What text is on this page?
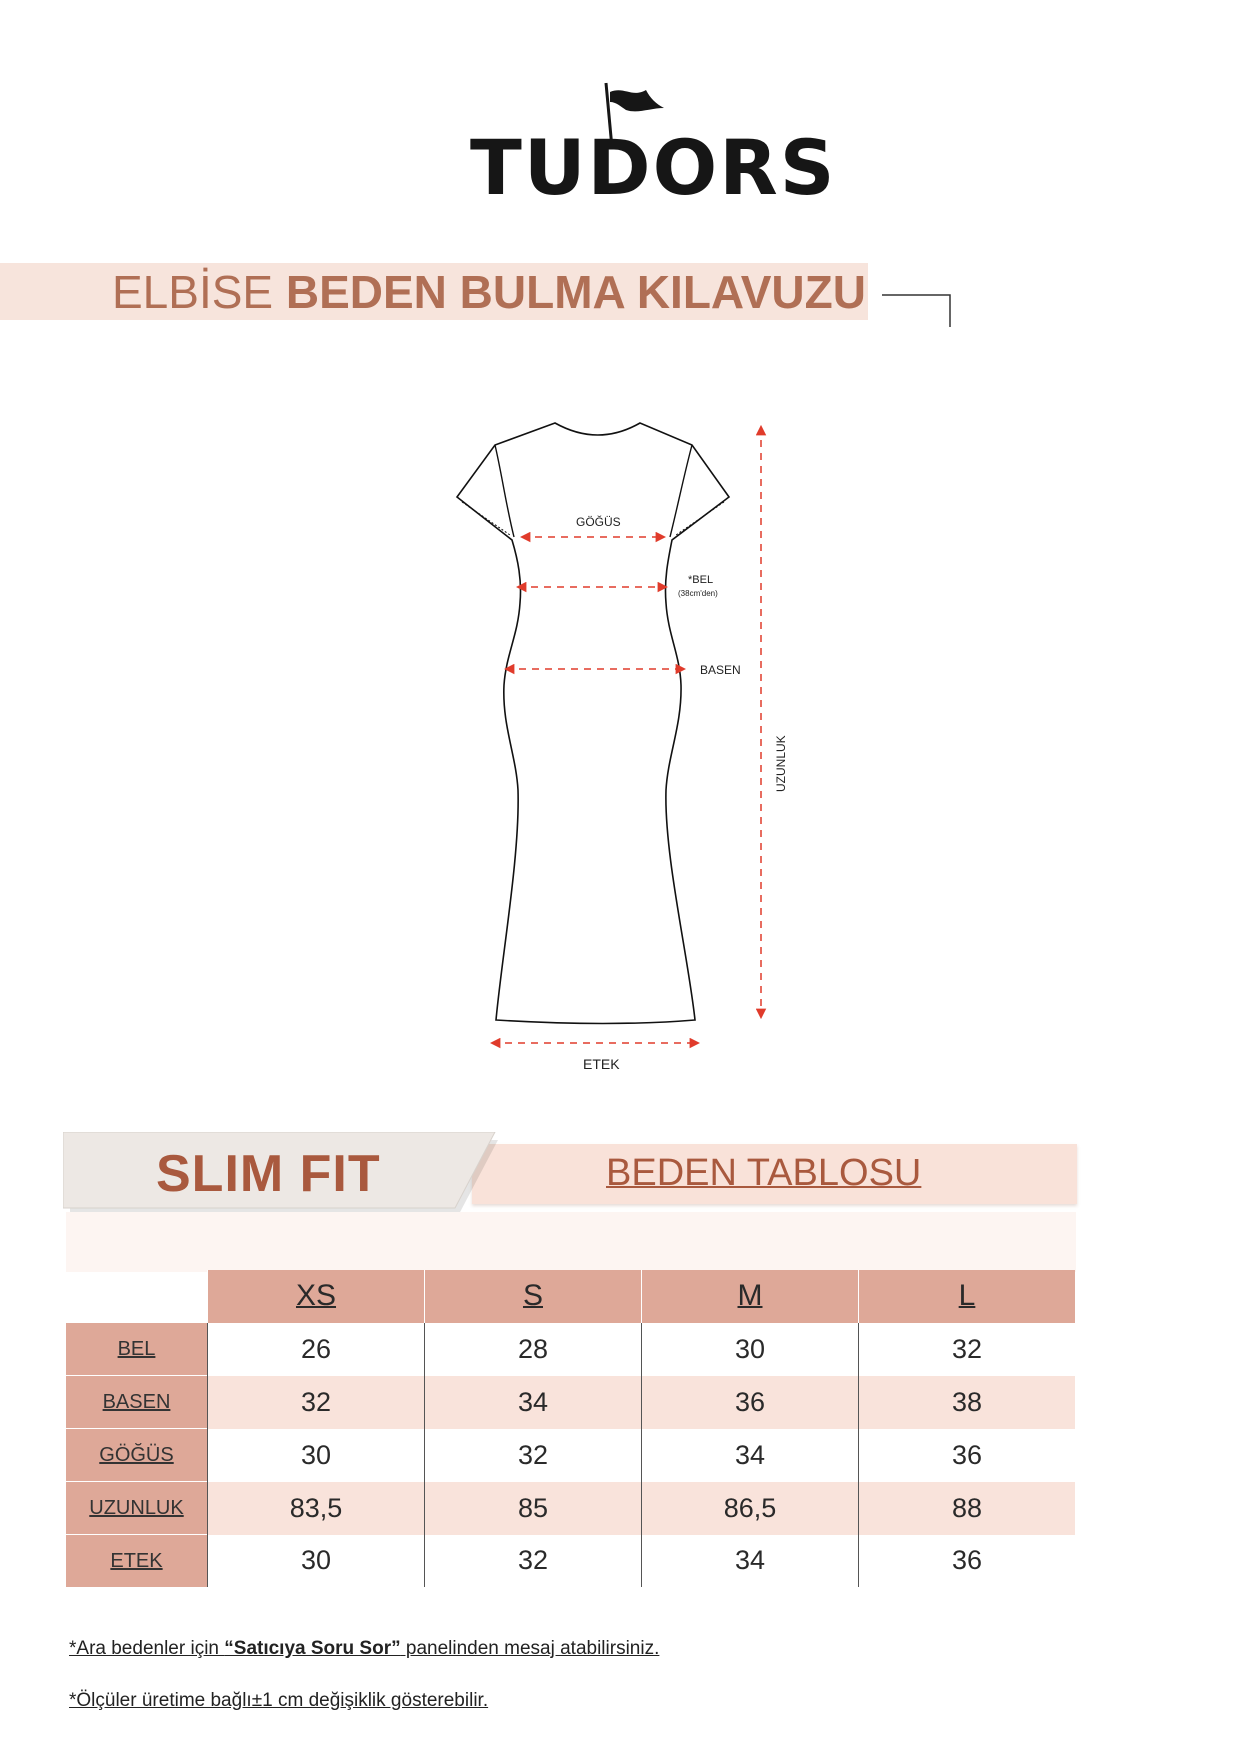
TUDORS
ELBİSE BEDEN BULMA KILAVUZU
GÖĞÜS
*BEL
(38cm'den)
BASEN
UZUNLUK
ETEK
SLIM FIT	BEDEN TABLOSU
	XS	S	M	L
BEL	26	28	30	32
BASEN	32	34	36	38
GÖĞÜS	30	32	34	36
UZUNLUK	83,5	85	86,5	88
ETEK	30	32	34	36
*Ara bedenler için “Satıcıya Soru Sor” panelinden mesaj atabilirsiniz.
*Ölçüler üretime bağlı±1 cm değişiklik gösterebilir.
